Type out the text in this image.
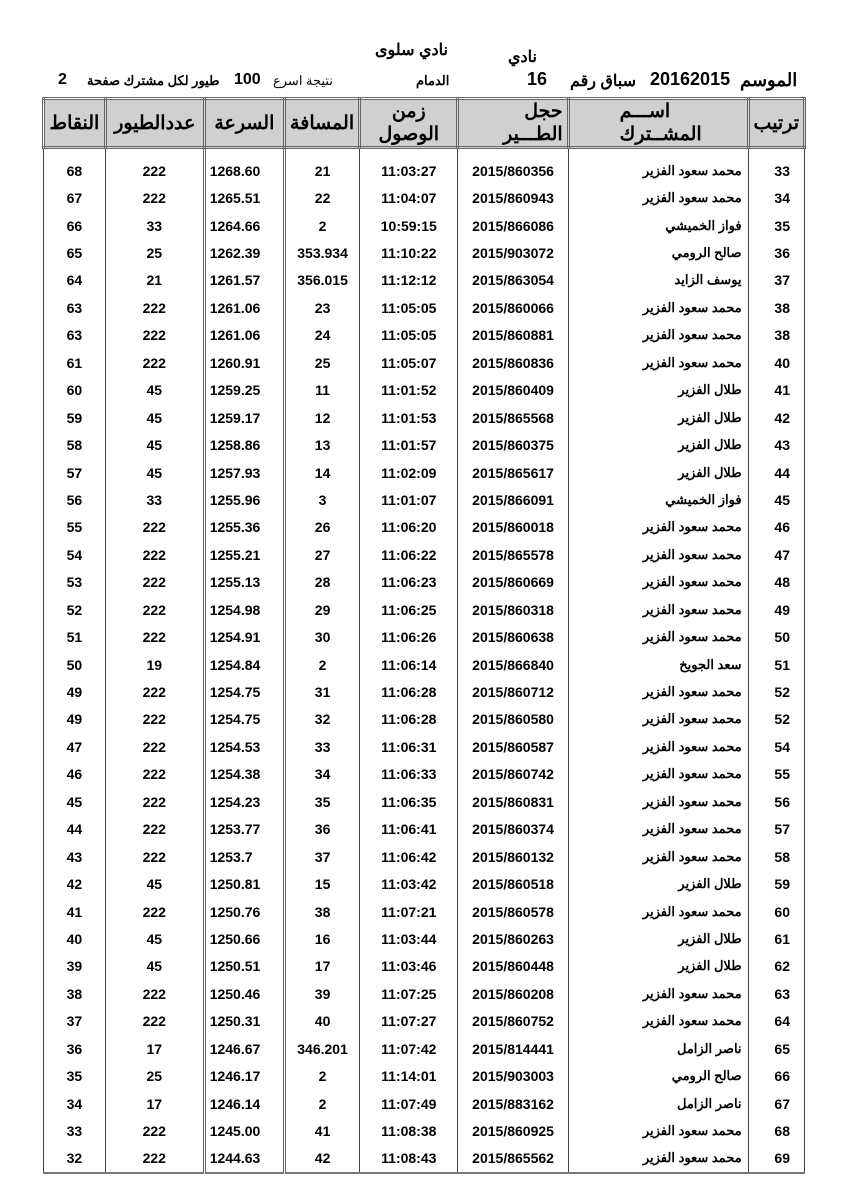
نادي سلوى	نادي
الموسم
20162015
سباق رقم
16
الدمام
نتيجة اسرع
100
طيور لكل مشترك صفحة
2
ترتيب	اســـم المشــترك	حجل الطـــير	زمن الوصول	المسافة	السرعة	عددالطيور	النقاط
33	محمد سعود الفزير	2015/860356	11:03:27	21	1268.60	222	68
34	محمد سعود الفزير	2015/860943	11:04:07	22	1265.51	222	67
35	فواز الخميشي	2015/866086	10:59:15	2	1264.66	33	66
36	صالح الرومي	2015/903072	11:10:22	353.934	1262.39	25	65
37	يوسف الزايد	2015/863054	11:12:12	356.015	1261.57	21	64
38	محمد سعود الفزير	2015/860066	11:05:05	23	1261.06	222	63
38	محمد سعود الفزير	2015/860881	11:05:05	24	1261.06	222	63
40	محمد سعود الفزير	2015/860836	11:05:07	25	1260.91	222	61
41	طلال الفزير	2015/860409	11:01:52	11	1259.25	45	60
42	طلال الفزير	2015/865568	11:01:53	12	1259.17	45	59
43	طلال الفزير	2015/860375	11:01:57	13	1258.86	45	58
44	طلال الفزير	2015/865617	11:02:09	14	1257.93	45	57
45	فواز الخميشي	2015/866091	11:01:07	3	1255.96	33	56
46	محمد سعود الفزير	2015/860018	11:06:20	26	1255.36	222	55
47	محمد سعود الفزير	2015/865578	11:06:22	27	1255.21	222	54
48	محمد سعود الفزير	2015/860669	11:06:23	28	1255.13	222	53
49	محمد سعود الفزير	2015/860318	11:06:25	29	1254.98	222	52
50	محمد سعود الفزير	2015/860638	11:06:26	30	1254.91	222	51
51	سعد الجويخ	2015/866840	11:06:14	2	1254.84	19	50
52	محمد سعود الفزير	2015/860712	11:06:28	31	1254.75	222	49
52	محمد سعود الفزير	2015/860580	11:06:28	32	1254.75	222	49
54	محمد سعود الفزير	2015/860587	11:06:31	33	1254.53	222	47
55	محمد سعود الفزير	2015/860742	11:06:33	34	1254.38	222	46
56	محمد سعود الفزير	2015/860831	11:06:35	35	1254.23	222	45
57	محمد سعود الفزير	2015/860374	11:06:41	36	1253.77	222	44
58	محمد سعود الفزير	2015/860132	11:06:42	37	1253.7	222	43
59	طلال الفزير	2015/860518	11:03:42	15	1250.81	45	42
60	محمد سعود الفزير	2015/860578	11:07:21	38	1250.76	222	41
61	طلال الفزير	2015/860263	11:03:44	16	1250.66	45	40
62	طلال الفزير	2015/860448	11:03:46	17	1250.51	45	39
63	محمد سعود الفزير	2015/860208	11:07:25	39	1250.46	222	38
64	محمد سعود الفزير	2015/860752	11:07:27	40	1250.31	222	37
65	ناصر الزامل	2015/814441	11:07:42	346.201	1246.67	17	36
66	صالح الرومي	2015/903003	11:14:01	2	1246.17	25	35
67	ناصر الزامل	2015/883162	11:07:49	2	1246.14	17	34
68	محمد سعود الفزير	2015/860925	11:08:38	41	1245.00	222	33
69	محمد سعود الفزير	2015/865562	11:08:43	42	1244.63	222	32
